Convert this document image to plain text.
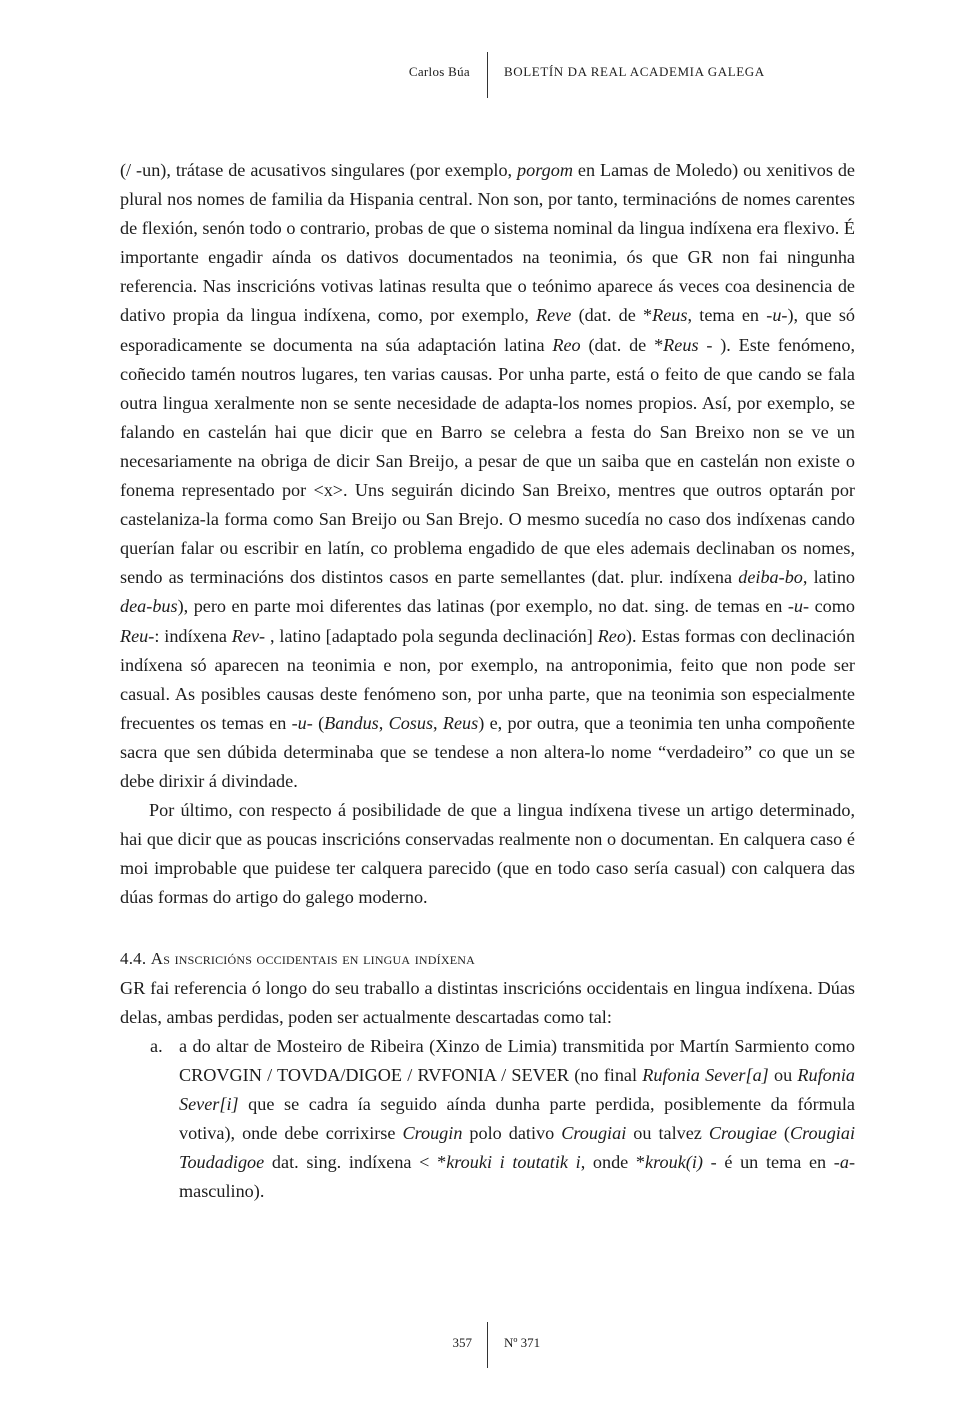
Carlos Búa	BOLETÍN DA REAL ACADEMIA GALEGA

(/ -un), trátase de acusativos singulares (por exemplo, porgom en Lamas de Moledo) ou xenitivos de plural nos nomes de familia da Hispania central. Non son, por tanto, terminacións de nomes carentes de flexión, senón todo o contrario, probas de que o sistema nominal da lingua indíxena era flexivo. É importante engadir aínda os dativos documentados na teonimia, ós que GR non fai ningunha referencia. Nas inscricións votivas latinas resulta que o teónimo aparece ás veces coa desinencia de dativo propia da lingua indíxena, como, por exemplo, Reve (dat. de *Reus, tema en -u-), que só esporadicamente se documenta na súa adaptación latina Reo (dat. de *Reus - ). Este fenómeno, coñecido tamén noutros lugares, ten varias causas. Por unha parte, está o feito de que cando se fala outra lingua xeralmente non se sente necesidade de adapta-los nomes propios. Así, por exemplo, se falando en castelán hai que dicir que en Barro se celebra a festa do San Breixo non se ve un necesariamente na obriga de dicir San Breijo, a pesar de que un saiba que en castelán non existe o fonema representado por <x>. Uns seguirán dicindo San Breixo, mentres que outros optarán por castelaniza-la forma como San Breijo ou San Brejo. O mesmo sucedía no caso dos indíxenas cando querían falar ou escribir en latín, co problema engadido de que eles ademais declinaban os nomes, sendo as terminacións dos distintos casos en parte semellantes (dat. plur. indíxena deiba-bo, latino dea-bus), pero en parte moi diferentes das latinas (por exemplo, no dat. sing. de temas en -u- como Reu-: indíxena Rev- , latino [adaptado pola segunda declinación] Reo). Estas formas con declinación indíxena só aparecen na teonimia e non, por exemplo, na antroponimia, feito que non pode ser casual. As posibles causas deste fenómeno son, por unha parte, que na teonimia son especialmente frecuentes os temas en -u- (Bandus, Cosus, Reus) e, por outra, que a teonimia ten unha compoñente sacra que sen dúbida determinaba que se tendese a non altera-lo nome “verdadeiro” co que un se debe dirixir á divindade.

Por último, con respecto á posibilidade de que a lingua indíxena tivese un artigo determinado, hai que dicir que as poucas inscricións conservadas realmente non o documentan. En calquera caso é moi improbable que puidese ter calquera parecido (que en todo caso sería casual) con calquera das dúas formas do artigo do galego moderno.

4.4. As inscricións occidentais en lingua indíxena

GR fai referencia ó longo do seu traballo a distintas inscricións occidentais en lingua indíxena. Dúas delas, ambas perdidas, poden ser actualmente descartadas como tal:

a. a do altar de Mosteiro de Ribeira (Xinzo de Limia) transmitida por Martín Sarmiento como CROVGIN / TOVDA/DIGOE / RVFONIA / SEVER (no final Rufonia Sever[a] ou Rufonia Sever[i] que se cadra ía seguido aínda dunha parte perdida, posiblemente da fórmula votiva), onde debe corrixirse Crougin polo dativo Crougiai ou talvez Crougiae (Crougiai Toudadigoe dat. sing. indíxena < *krouki i toutatik i, onde *krouk(i) - é un tema en -a- masculino).
357 Nº 371
